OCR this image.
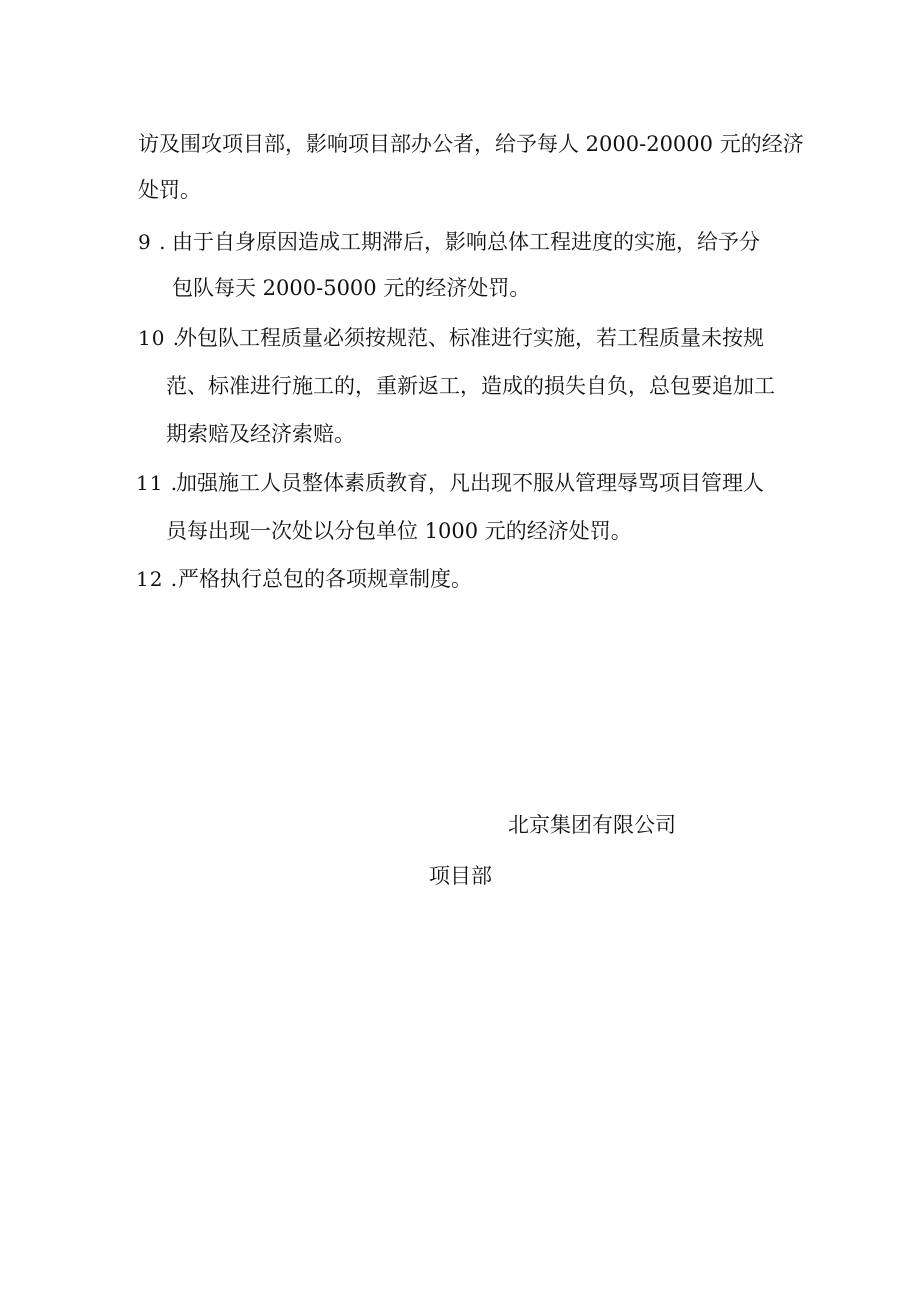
访及围攻项目部，影响项目部办公者，给予每人 2000-20000 元的经济
处罚。
9 . 由于自身原因造成工期滞后，影响总体工程进度的实施，给予分
包队每天 2000-5000 元的经济处罚。
10 .
外包队工程质量必须按规范、标准进行实施，若工程质量未按规
范、标准进行施工的，重新返工，造成的损失自负，总包要追加工
期索赔及经济索赔。
11 .
加强施工人员整体素质教育，凡出现不服从管理辱骂项目管理人
员每出现一次处以分包单位 1000 元的经济处罚。
12 . 严格执行总包的各项规章制度。
北京集团有限公司
项目部
